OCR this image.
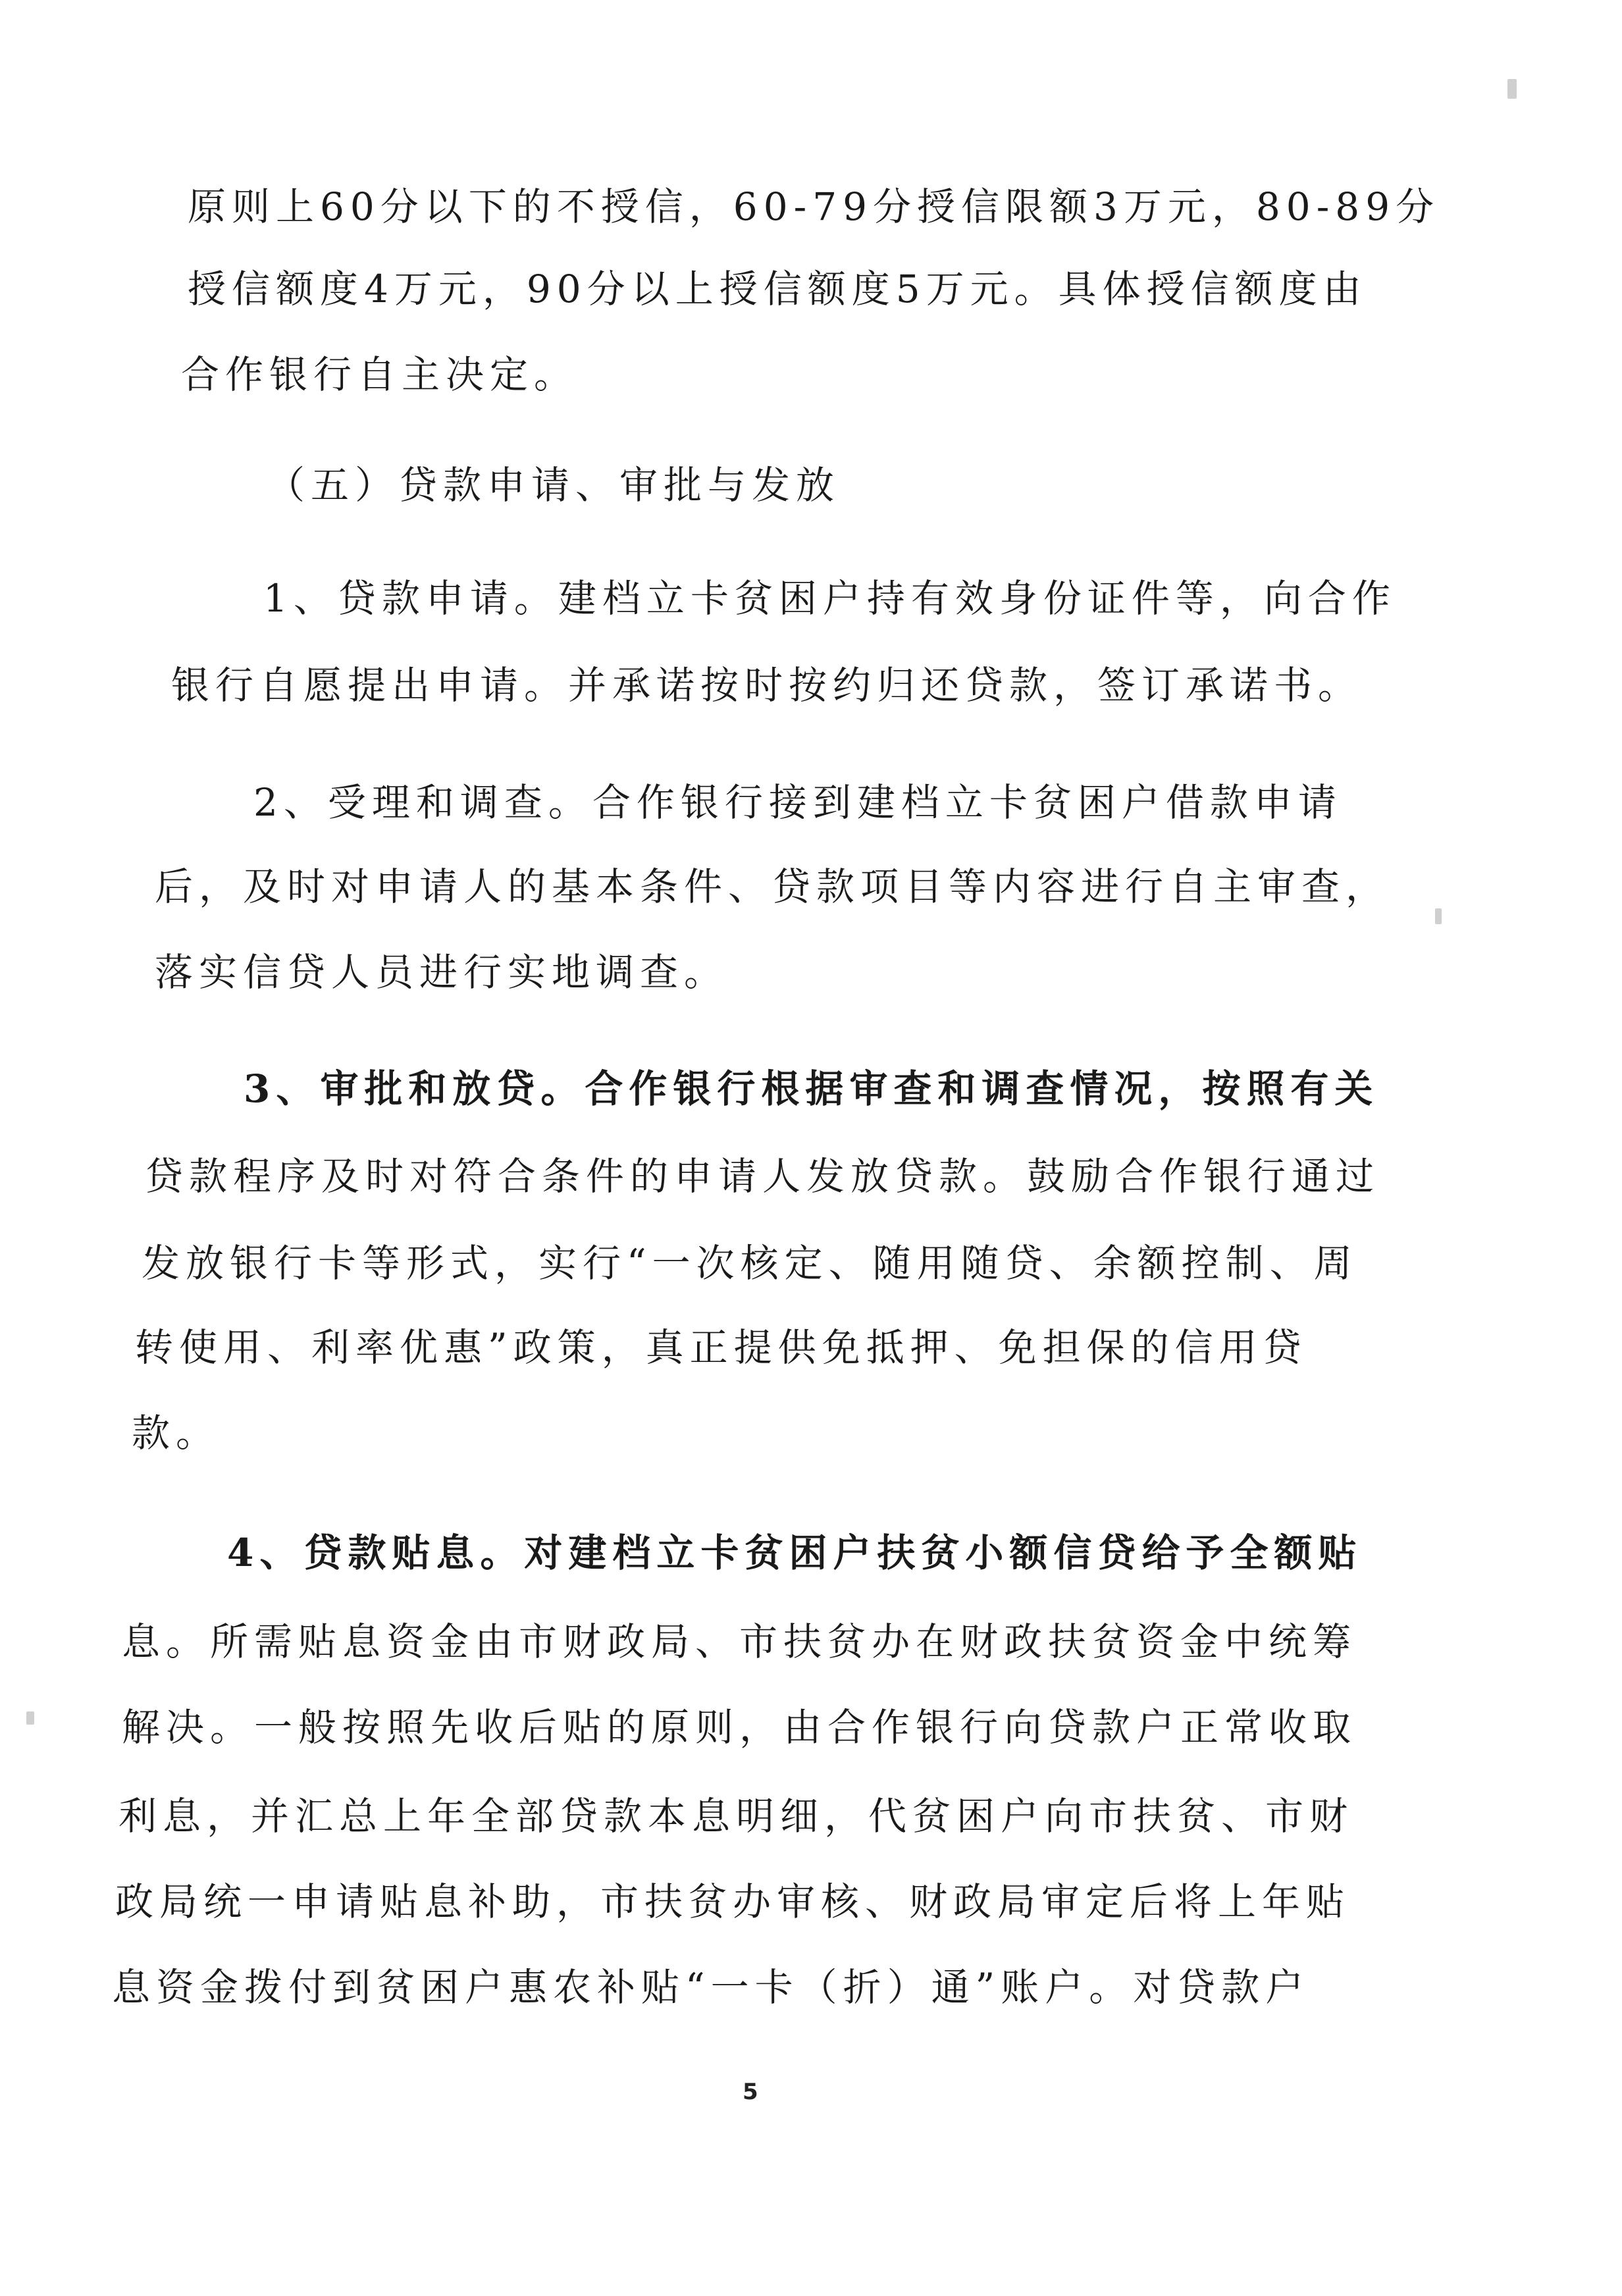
原则上60分以下的不授信，60-79分授信限额3万元，80-89分
授信额度4万元，90分以上授信额度5万元。具体授信额度由
合作银行自主决定。
（五）贷款申请、审批与发放
1、贷款申请。建档立卡贫困户持有效身份证件等，向合作
银行自愿提出申请。并承诺按时按约归还贷款，签订承诺书。
2、受理和调查。合作银行接到建档立卡贫困户借款申请
后，及时对申请人的基本条件、贷款项目等内容进行自主审查，
落实信贷人员进行实地调查。
3、审批和放贷。合作银行根据审查和调查情况，按照有关
贷款程序及时对符合条件的申请人发放贷款。鼓励合作银行通过
发放银行卡等形式，实行“一次核定、随用随贷、余额控制、周
转使用、利率优惠”政策，真正提供免抵押、免担保的信用贷
款。
4、贷款贴息。对建档立卡贫困户扶贫小额信贷给予全额贴
息。所需贴息资金由市财政局、市扶贫办在财政扶贫资金中统筹
解决。一般按照先收后贴的原则，由合作银行向贷款户正常收取
利息，并汇总上年全部贷款本息明细，代贫困户向市扶贫、市财
政局统一申请贴息补助，市扶贫办审核、财政局审定后将上年贴
息资金拨付到贫困户惠农补贴“一卡（折）通”账户。对贷款户
5
